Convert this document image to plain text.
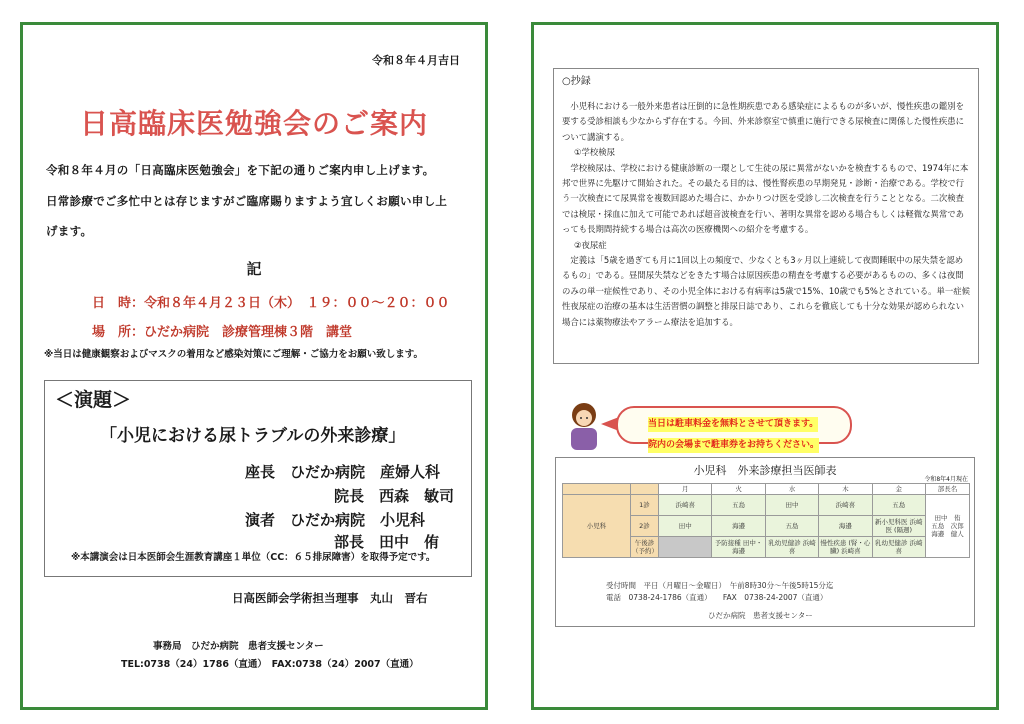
令和８年４月吉日
日高臨床医勉強会のご案内
令和８年４月の「日高臨床医勉強会」を下記の通りご案内申し上げます。
日常診療でご多忙中とは存じますがご臨席賜りますよう宜しくお願い申し上
げます。
記
日　時：令和８年４月２３日（木）　１９：００〜２０：００
場　所：ひだか病院　診療管理棟３階　講堂
※当日は健康観察およびマスクの着用など感染対策にご理解・ご協力をお願い致します。
＜演題＞
「小児における尿トラブルの外来診療」
座長　ひだか病院　産婦人科
院長　西森　敏司
演者　ひだか病院　小児科
部長　田中　侑
※本講演会は日本医師会生涯教育講座１単位（CC：６５排尿障害）を取得予定です。
日高医師会学術担当理事　丸山　晋右
事務局　ひだか病院　患者支援センター
TEL:0738（24）1786（直通）　FAX:0738（24）2007（直通）
○抄録

小児科における一般外来患者は圧倒的に急性期疾患である感染症によるものが多いが、慢性疾患の鑑別を要する受診相談も少なからず存在する。今回、外来診察室で慎重に施行できる尿検査に関係した慢性疾患について講演する。

①学校検尿

学校検尿は、学校における健康診断の一環として生徒の尿に異常がないかを検査するもので、1974年に本邦で世界に先駆けて開始された。その最たる目的は、慢性腎疾患の早期発見・診断・治療である。学校で行う一次検査にて尿異常を複数回認めた場合に、かかりつけ医を受診し二次検査を行うこととなる。二次検査では検尿・採血に加えて可能であれば超音波検査を行い、著明な異常を認める場合もしくは軽微な異常であっても長期間持続する場合は高次の医療機関への紹介を考慮する。

②夜尿症

定義は「5歳を過ぎても月に1回以上の頻度で、少なくとも3ヶ月以上連続して夜間睡眠中の尿失禁を認めるもの」である。昼間尿失禁などをきたす場合は原因疾患の精査を考慮する必要があるものの、多くは夜間のみの単一症候性であり、その小児全体における有病率は5歳で15%、10歳でも5%とされている。単一症候性夜尿症の治療の基本は生活習慣の調整と排尿日誌であり、これらを徹底しても十分な効果が認められない場合には薬物療法やアラーム療法を追加する。

当日は駐車料金を無料とさせて頂きます。
院内の会場まで駐車券をお持ちください。
小児科　外来診療担当医師表
令和8年4月現在
		月	火	水	木	金	部長名
小児科	1診	浜崎喜	五島	田中	浜崎喜	五島	田中　侑
五島　次郎
海邉　健人
	2診	田中	海邉	五島	海邉	新小児科医 浜崎医 (隔週)	
	午後診（予約）		予防接種 田中・海邉	乳幼児健診 浜崎喜	慢性疾患 (腎・心臓) 浜崎喜	乳幼児健診 浜崎喜	
受付時間　平日（月曜日〜金曜日）　午前8時30分〜午後5時15分迄
電話　0738-24-1786（直通）　　FAX　0738-24-2007（直通）
ひだか病院　患者支援センター
